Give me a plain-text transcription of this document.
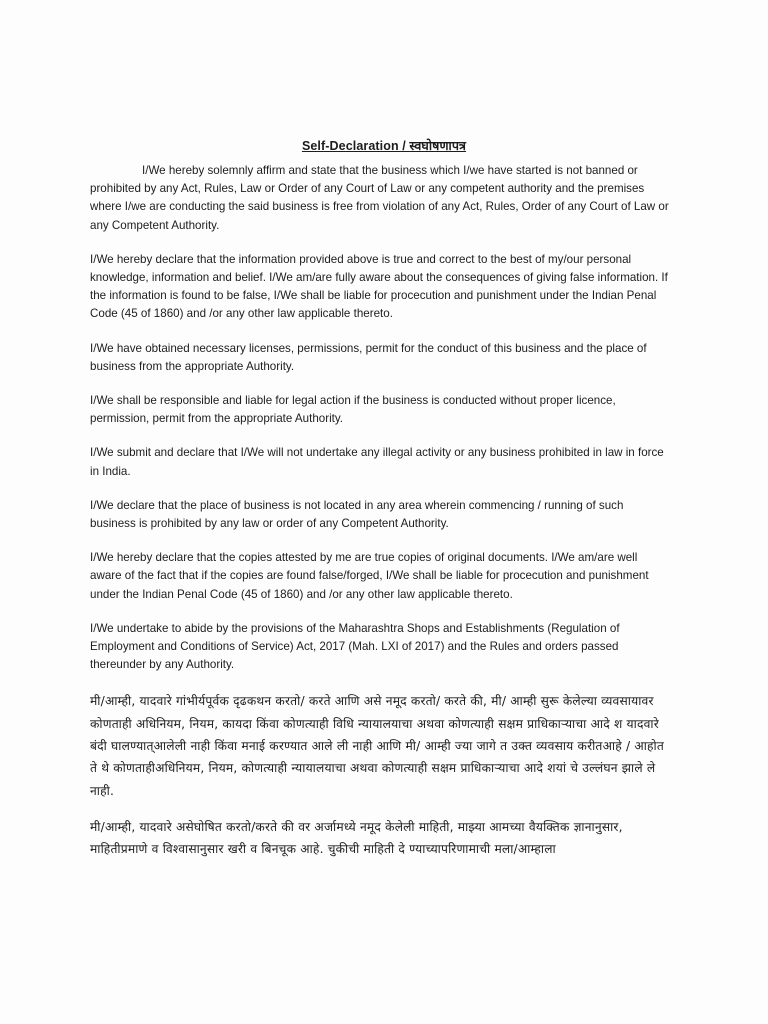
Self-Declaration / स्वघोषणापत्र

I/We hereby solemnly affirm and state that the business which I/we have started is not banned or prohibited by any Act, Rules, Law or Order of any Court of Law or any competent authority and the premises where I/we are conducting the said business is free from violation of any Act, Rules, Order of any Court of Law or any Competent Authority.

I/We hereby declare that the information provided above is true and correct to the best of my/our personal knowledge, information and belief. I/We am/are fully aware about the consequences of giving false information. If the information is found to be false, I/We shall be liable for procecution and punishment under the Indian Penal Code (45 of 1860) and /or any other law applicable thereto.

I/We have obtained necessary licenses, permissions, permit for the conduct of this business and the place of business from the appropriate Authority.

I/We shall be responsible and liable for legal action if the business is conducted without proper licence, permission, permit from the appropriate Authority.

I/We submit and declare that I/We will not undertake any illegal activity or any business prohibited in law in force in India.

I/We declare that the place of business is not located in any area wherein commencing / running of such business is prohibited by any law or order of any Competent Authority.

I/We hereby declare that the copies attested by me are true copies of original documents. I/We am/are well aware of the fact that if the copies are found false/forged, I/We shall be liable for procecution and punishment under the Indian Penal Code (45 of 1860) and /or any other law applicable thereto.

I/We undertake to abide by the provisions of the Maharashtra Shops and Establishments (Regulation of Employment and Conditions of Service) Act, 2017 (Mah. LXI of 2017) and the Rules and orders passed thereunder by any Authority.

मी/आम्ही, यादवारे गांभीर्यपूर्वक दृढकथन करतो/ करते आणि असे नमूद करतो/ करते की, मी/ आम्ही सुरू केलेल्या व्यवसायावर कोणताही अधिनियम, नियम, कायदा किंवा कोणत्याही विधि न्यायालयाचा अथवा कोणत्याही सक्षम प्राधिकाऱ्याचा आदे श यादवारे बंदी घालण्यात्आलेली नाही किंवा मनाई करण्यात आले ली नाही आणि मी/ आम्ही ज्या जागे त उक्त व्यवसाय करीतआहे / आहोत ते थे कोणताहीअधिनियम, नियम, कोणत्याही न्यायालयाचा अथवा कोणत्याही सक्षम प्राधिकाऱ्याचा आदे शयां चे उल्लंघन झाले ले नाही.

मी/आम्ही, यादवारे असेघोषित करतो/करते की वर अर्जामध्ये नमूद केलेली माहिती, माझ्या आमच्या वैयक्तिक ज्ञानानुसार, माहितीप्रमाणे व विश्वासानुसार खरी व बिनचूक आहे. चुकीची माहिती दे ण्याच्यापरिणामाची मला/आम्हाला
